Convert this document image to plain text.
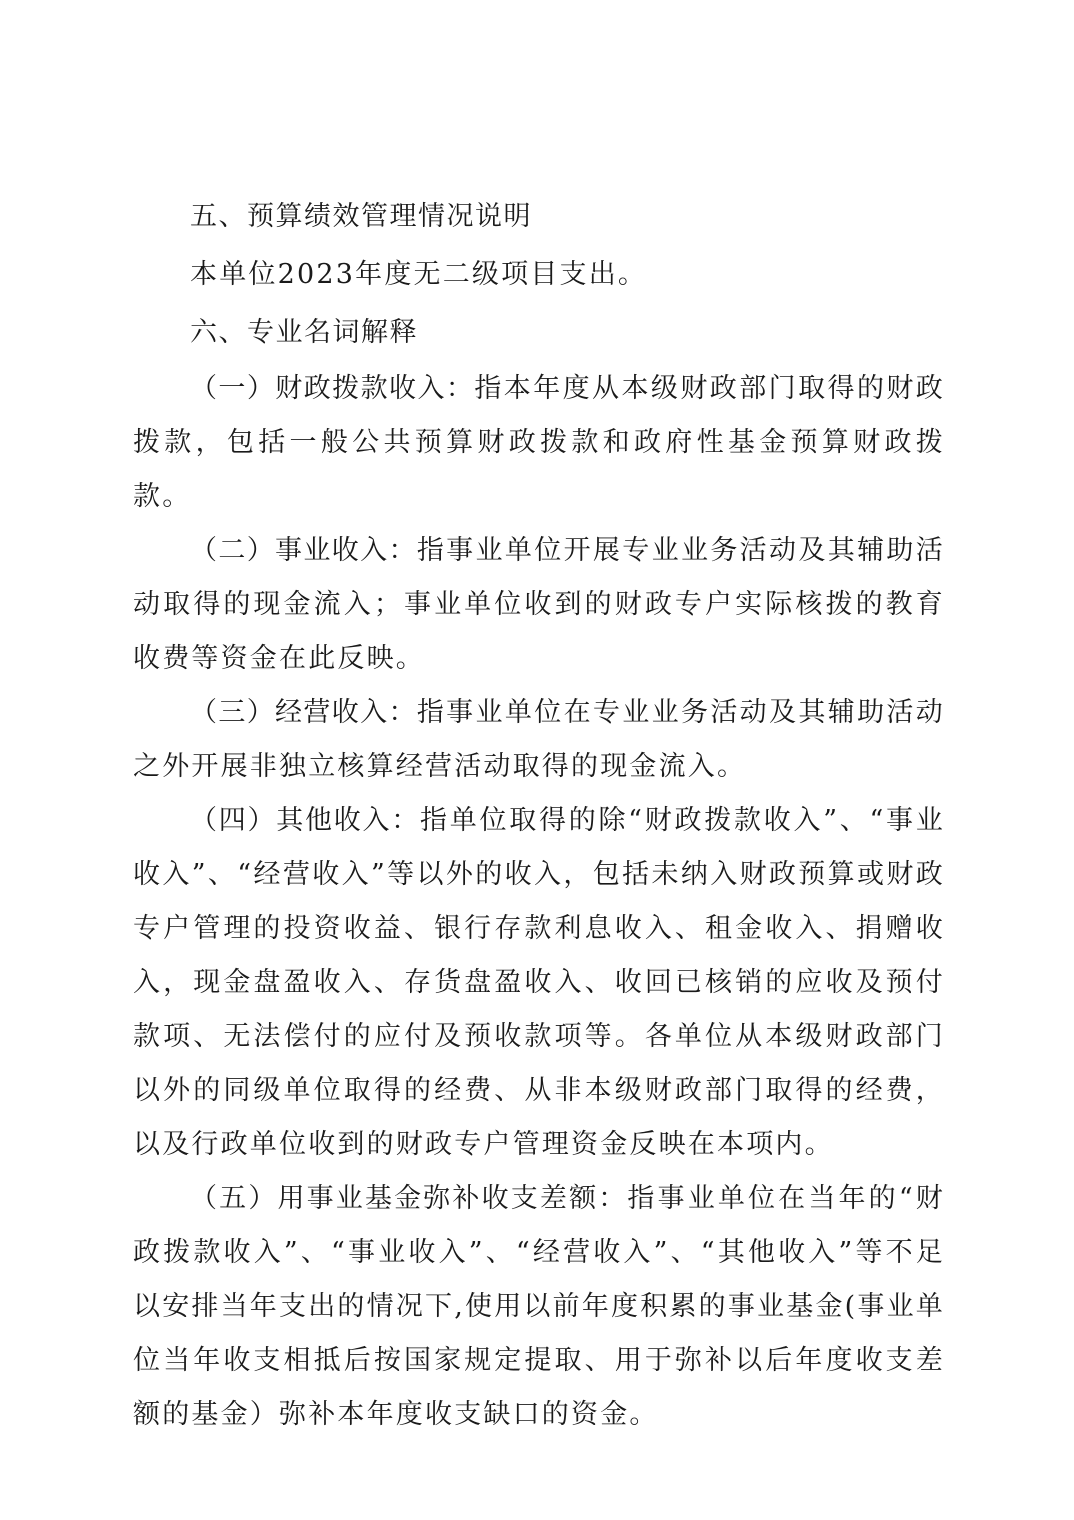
五、预算绩效管理情况说明

本单位2023年度无二级项目支出。

六、专业名词解释

（一）财政拨款收入：指本年度从本级财政部门取得的财政拨款，包括一般公共预算财政拨款和政府性基金预算财政拨款。

（二）事业收入：指事业单位开展专业业务活动及其辅助活动取得的现金流入；事业单位收到的财政专户实际核拨的教育收费等资金在此反映。

（三）经营收入：指事业单位在专业业务活动及其辅助活动之外开展非独立核算经营活动取得的现金流入。

（四）其他收入：指单位取得的除“财政拨款收入”、“事业收入”、“经营收入”等以外的收入，包括未纳入财政预算或财政专户管理的投资收益、银行存款利息收入、租金收入、捐赠收入，现金盘盈收入、存货盘盈收入、收回已核销的应收及预付款项、无法偿付的应付及预收款项等。各单位从本级财政部门以外的同级单位取得的经费、从非本级财政部门取得的经费，以及行政单位收到的财政专户管理资金反映在本项内。

（五）用事业基金弥补收支差额：指事业单位在当年的“财政拨款收入”、“事业收入”、“经营收入”、“其他收入”等不足以安排当年支出的情况下,使用以前年度积累的事业基金(事业单位当年收支相抵后按国家规定提取、用于弥补以后年度收支差额的基金）弥补本年度收支缺口的资金。
